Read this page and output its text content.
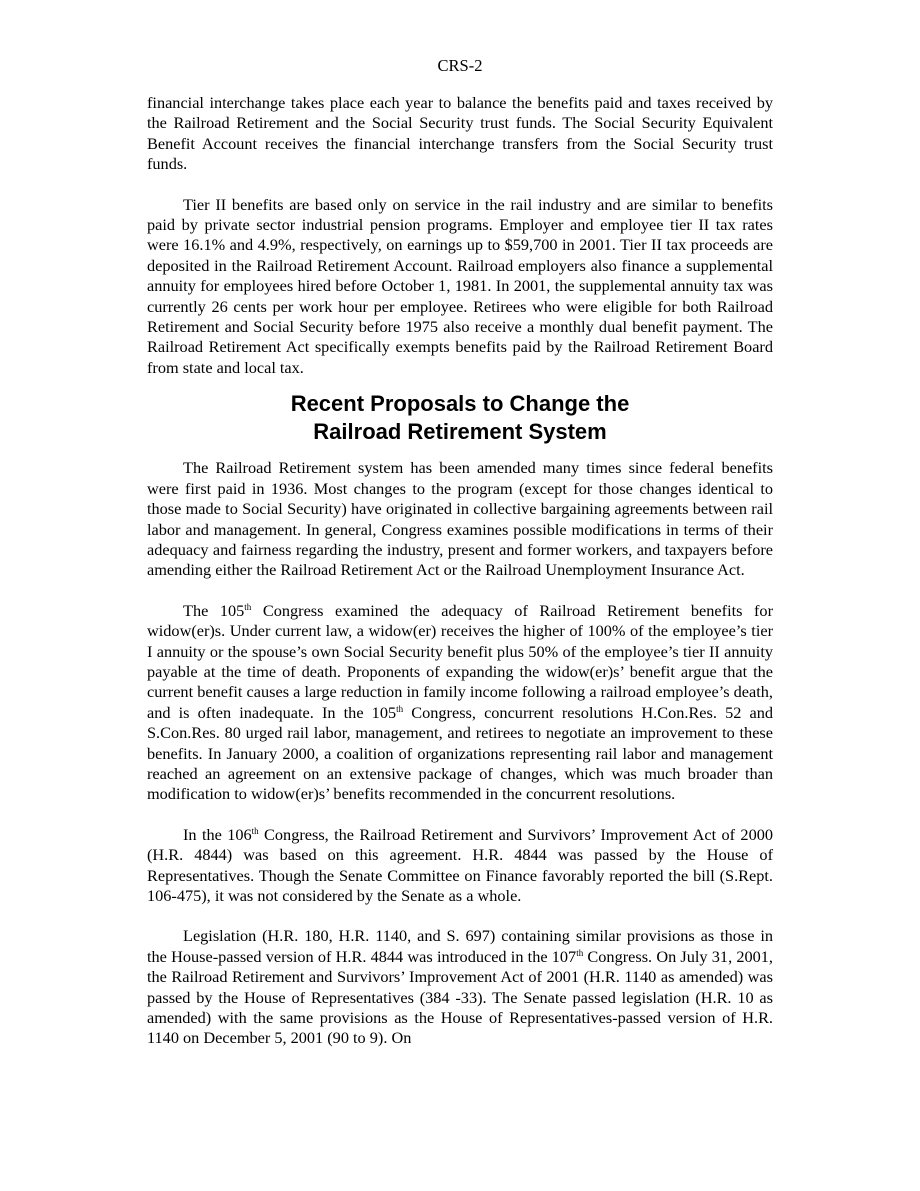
CRS-2

financial interchange takes place each year to balance the benefits paid and taxes received by the Railroad Retirement and the Social Security trust funds. The Social Security Equivalent Benefit Account receives the financial interchange transfers from the Social Security trust funds.

Tier II benefits are based only on service in the rail industry and are similar to benefits paid by private sector industrial pension programs. Employer and employee tier II tax rates were 16.1% and 4.9%, respectively, on earnings up to $59,700 in 2001. Tier II tax proceeds are deposited in the Railroad Retirement Account. Railroad employers also finance a supplemental annuity for employees hired before October 1, 1981. In 2001, the supplemental annuity tax was currently 26 cents per work hour per employee. Retirees who were eligible for both Railroad Retirement and Social Security before 1975 also receive a monthly dual benefit payment. The Railroad Retirement Act specifically exempts benefits paid by the Railroad Retirement Board from state and local tax.

Recent Proposals to Change the
Railroad Retirement System

The Railroad Retirement system has been amended many times since federal benefits were first paid in 1936. Most changes to the program (except for those changes identical to those made to Social Security) have originated in collective bargaining agreements between rail labor and management. In general, Congress examines possible modifications in terms of their adequacy and fairness regarding the industry, present and former workers, and taxpayers before amending either the Railroad Retirement Act or the Railroad Unemployment Insurance Act.

The 105th Congress examined the adequacy of Railroad Retirement benefits for widow(er)s. Under current law, a widow(er) receives the higher of 100% of the employee’s tier I annuity or the spouse’s own Social Security benefit plus 50% of the employee’s tier II annuity payable at the time of death. Proponents of expanding the widow(er)s’ benefit argue that the current benefit causes a large reduction in family income following a railroad employee’s death, and is often inadequate. In the 105th Congress, concurrent resolutions H.Con.Res. 52 and S.Con.Res. 80 urged rail labor, management, and retirees to negotiate an improvement to these benefits. In January 2000, a coalition of organizations representing rail labor and management reached an agreement on an extensive package of changes, which was much broader than modification to widow(er)s’ benefits recommended in the concurrent resolutions.

In the 106th Congress, the Railroad Retirement and Survivors’ Improvement Act of 2000 (H.R. 4844) was based on this agreement. H.R. 4844 was passed by the House of Representatives. Though the Senate Committee on Finance favorably reported the bill (S.Rept. 106-475), it was not considered by the Senate as a whole.

Legislation (H.R. 180, H.R. 1140, and S. 697) containing similar provisions as those in the House-passed version of H.R. 4844 was introduced in the 107th Congress. On July 31, 2001, the Railroad Retirement and Survivors’ Improvement Act of 2001 (H.R. 1140 as amended) was passed by the House of Representatives (384 -33). The Senate passed legislation (H.R. 10 as amended) with the same provisions as the House of Representatives-passed version of H.R. 1140 on December 5, 2001 (90 to 9). On
